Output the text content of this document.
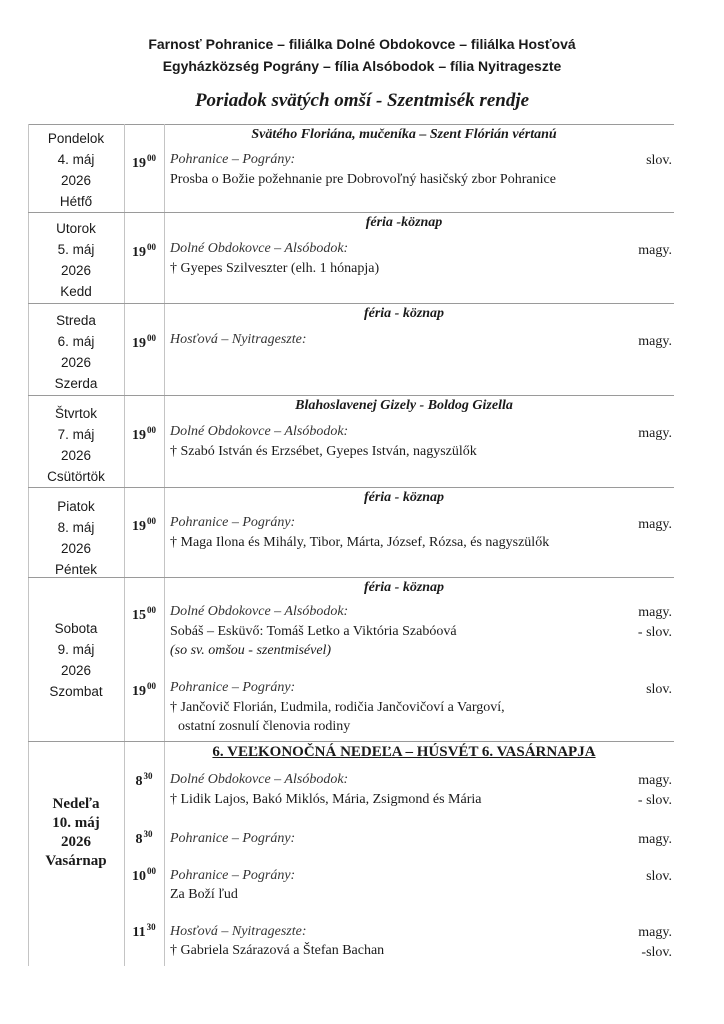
Farnosť Pohranice – filiálka Dolné Obdokovce – filiálka Hosťová
Egyházközség Pográny – fília Alsóbodok – fília Nyitrageszte
Poriadok svätých omší - Szentmisék rendje
Pondelok
4. máj
2026
Hétfő
Svätého Floriána, mučeníka – Szent Flórián vértanú
$19^{00}$	Pohranice – Pográny:	slov.
Prosba o Božie požehnanie pre Dobrovoľný hasičský zbor Pohranice
Utorok
5. máj
2026
Kedd
féria -köznap
$19^{00}$	Dolné Obdokovce – Alsóbodok:	magy.
† Gyepes Szilveszter (elh. 1 hónapja)
Streda
6. máj
2026
Szerda
féria - köznap
$19^{00}$	Hosťová – Nyitrageszte:	magy.
Štvrtok
7. máj
2026
Csütörtök
Blahoslavenej Gizely - Boldog Gizella
$19^{00}$	Dolné Obdokovce – Alsóbodok:	magy.
† Szabó István és Erzsébet, Gyepes István, nagyszülők
Piatok
8. máj
2026
Péntek
féria - köznap
$19^{00}$	Pohranice – Pográny:	magy.
† Maga Ilona és Mihály, Tibor, Márta, József, Rózsa, és nagyszülők
Sobota
9. máj
2026
Szombat
féria - köznap
$15^{00}$	Dolné Obdokovce – Alsóbodok:	magy.
- slov.
Sobáš – Esküvő: Tomáš Letko a Viktória Szabóová
(so sv. omšou - szentmisével)
$19^{00}$	Pohranice – Pográny:	slov.
† Jančovič Florián, Ľudmila, rodičia Jančovičoví a Vargoví,
ostatní zosnulí členovia rodiny
Nedeľa
10. máj
2026
Vasárnap
6. VEĽKONOČNÁ NEDEĽA – HÚSVÉT 6. VASÁRNAPJA
$8^{30}$	Dolné Obdokovce – Alsóbodok:	magy.
- slov.
† Lidik Lajos, Bakó Miklós, Mária, Zsigmond és Mária
$8^{30}$	Pohranice – Pográny:	magy.
$10^{00}$	Pohranice – Pográny:	slov.
Za Boží ľud
$11^{30}$	Hosťová – Nyitrageszte:	magy.
-slov.
† Gabriela Szárazová a Štefan Bachan
